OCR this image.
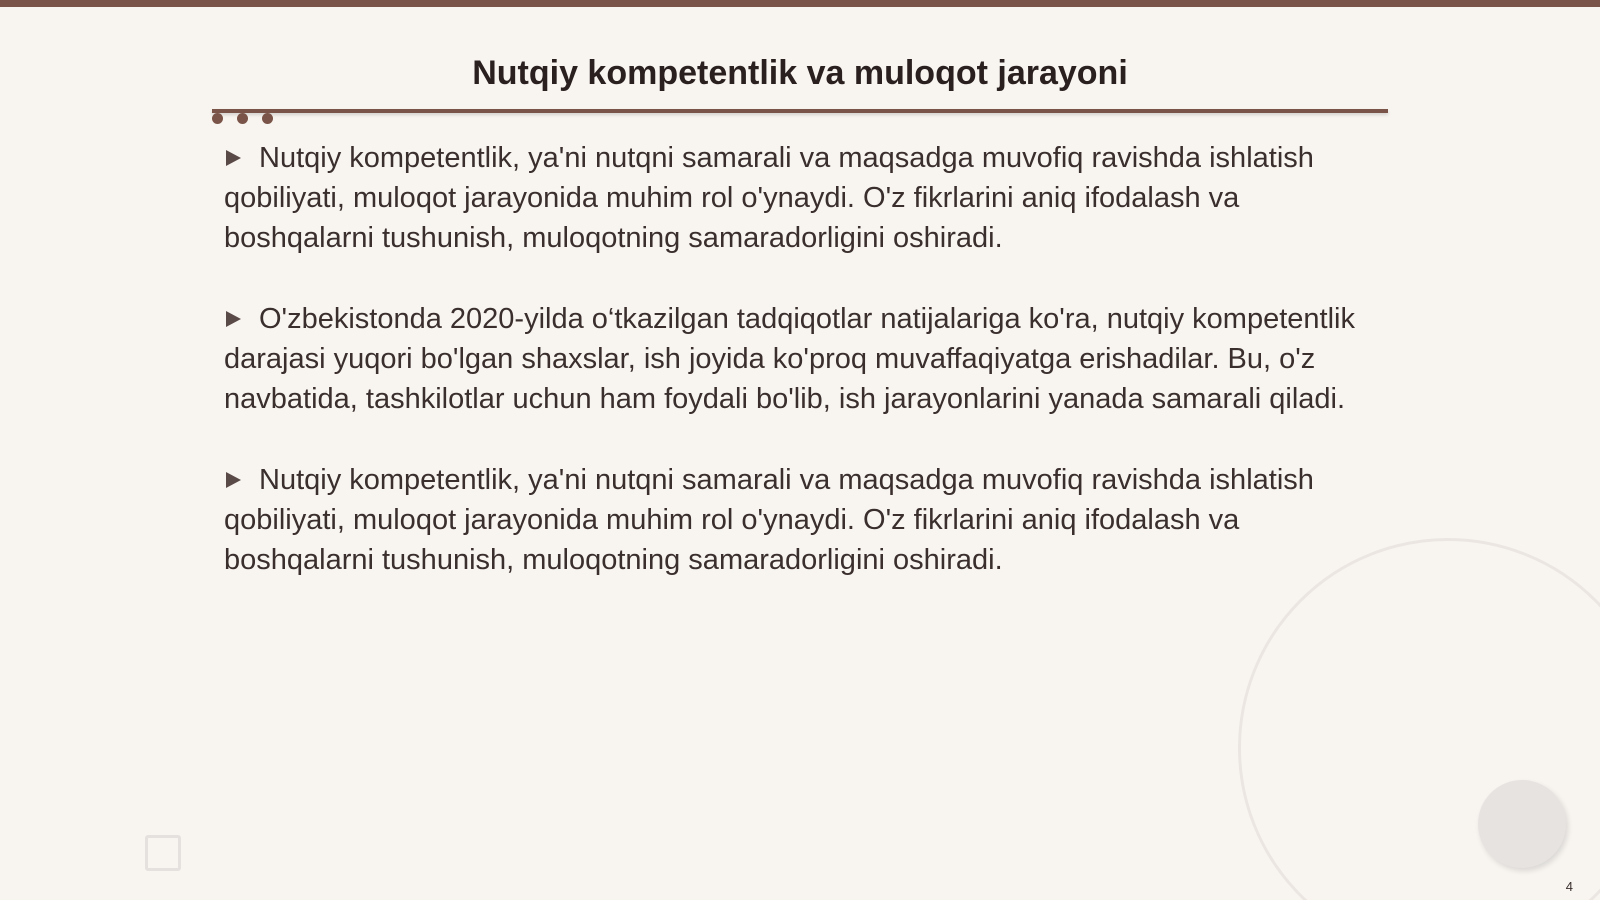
Nutqiy kompetentlik va muloqot jarayoni

Nutqiy kompetentlik, ya'ni nutqni samarali va maqsadga muvofiq ravishda ishlatish qobiliyati, muloqot jarayonida muhim rol o'ynaydi. O'z fikrlarini aniq ifodalash va boshqalarni tushunish, muloqotning samaradorligini oshiradi.

O'zbekistonda 2020-yilda o‘tkazilgan tadqiqotlar natijalariga ko'ra, nutqiy kompetentlik darajasi yuqori bo'lgan shaxslar, ish joyida ko'proq muvaffaqiyatga erishadilar. Bu, o'z navbatida, tashkilotlar uchun ham foydali bo'lib, ish jarayonlarini yanada samarali qiladi.

Nutqiy kompetentlik, ya'ni nutqni samarali va maqsadga muvofiq ravishda ishlatish qobiliyati, muloqot jarayonida muhim rol o'ynaydi. O'z fikrlarini aniq ifodalash va boshqalarni tushunish, muloqotning samaradorligini oshiradi.

4
